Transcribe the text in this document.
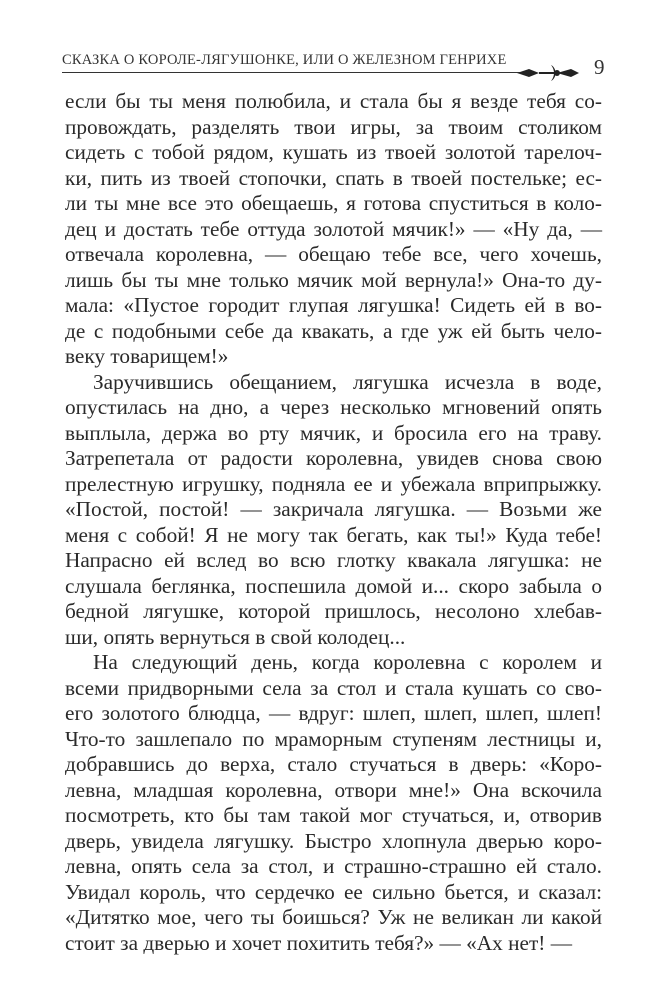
СКАЗКА О КОРОЛЕ-ЛЯГУШОНКЕ, ИЛИ О ЖЕЛЕЗНОМ ГЕНРИХЕ	9
если бы ты меня полюбила, и стала бы я везде тебя со-
провождать, разделять твои игры, за твоим столиком
сидеть с тобой рядом, кушать из твоей золотой тарелоч-
ки, пить из твоей стопочки, спать в твоей постельке; ес-
ли ты мне все это обещаешь, я готова спуститься в коло-
дец и достать тебе оттуда золотой мячик!» — «Ну да, —
отвечала королевна, — обещаю тебе все, чего хочешь,
лишь бы ты мне только мячик мой вернула!» Она-то ду-
мала: «Пустое городит глупая лягушка! Сидеть ей в во-
де с подобными себе да квакать, а где уж ей быть чело-
веку товарищем!»
Заручившись обещанием, лягушка исчезла в воде,
опустилась на дно, а через несколько мгновений опять
выплыла, держа во рту мячик, и бросила его на траву.
Затрепетала от радости королевна, увидев снова свою
прелестную игрушку, подняла ее и убежала вприпрыжку.
«Постой, постой! — закричала лягушка. — Возьми же
меня с собой! Я не могу так бегать, как ты!» Куда тебе!
Напрасно ей вслед во всю глотку квакала лягушка: не
слушала беглянка, поспешила домой и... скоро забыла о
бедной лягушке, которой пришлось, несолоно хлебав-
ши, опять вернуться в свой колодец...
На следующий день, когда королевна с королем и
всеми придворными села за стол и стала кушать со сво-
его золотого блюдца, — вдруг: шлеп, шлеп, шлеп, шлеп!
Что-то зашлепало по мраморным ступеням лестницы и,
добравшись до верха, стало стучаться в дверь: «Коро-
левна, младшая королевна, отвори мне!» Она вскочила
посмотреть, кто бы там такой мог стучаться, и, отворив
дверь, увидела лягушку. Быстро хлопнула дверью коро-
левна, опять села за стол, и страшно-страшно ей стало.
Увидал король, что сердечко ее сильно бьется, и сказал:
«Дитятко мое, чего ты боишься? Уж не великан ли какой
стоит за дверью и хочет похитить тебя?» — «Ах нет! —
